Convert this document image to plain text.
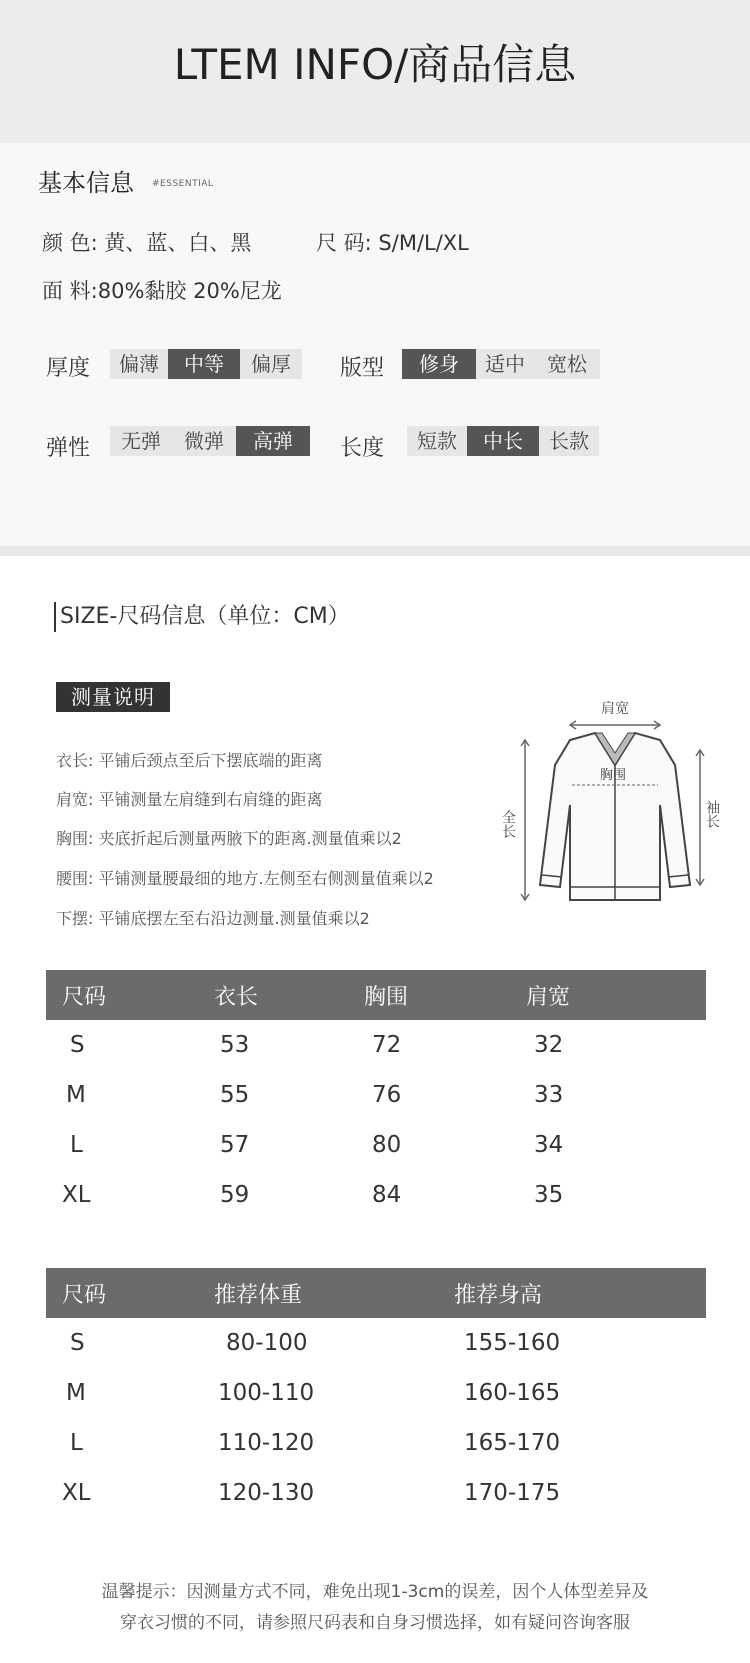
LTEM INFO/商品信息
基本信息 #ESSENTIAL
颜 色: 黄、蓝、白、黑	尺 码: S/M/L/XL
面 料:80%黏胶 20%尼龙
厚度	偏薄	中等	偏厚	版型	修身	适中	宽松
弹性	无弹	微弹	高弹	长度	短款	中长	长款
SIZE-尺码信息（单位：CM）
测量说明
衣长: 平铺后颈点至后下摆底端的距离
肩宽: 平铺测量左肩缝到右肩缝的距离
胸围: 夹底折起后测量两腋下的距离.测量值乘以2
腰围: 平铺测量腰最细的地方.左侧至右侧测量值乘以2
下摆: 平铺底摆左至右沿边测量.测量值乘以2
肩宽
全长	袖长
胸围
尺码	衣长	胸围	肩宽
S	53	72	32
M	55	76	33
L	57	80	34
XL	59	84	35
尺码	推荐体重	推荐身高
S	80-100	155-160
M	100-110	160-165
L	110-120	165-170
XL	120-130	170-175
温馨提示：因测量方式不同，难免出现1-3cm的误差，因个人体型差异及
穿衣习惯的不同，请参照尺码表和自身习惯选择，如有疑问咨询客服
